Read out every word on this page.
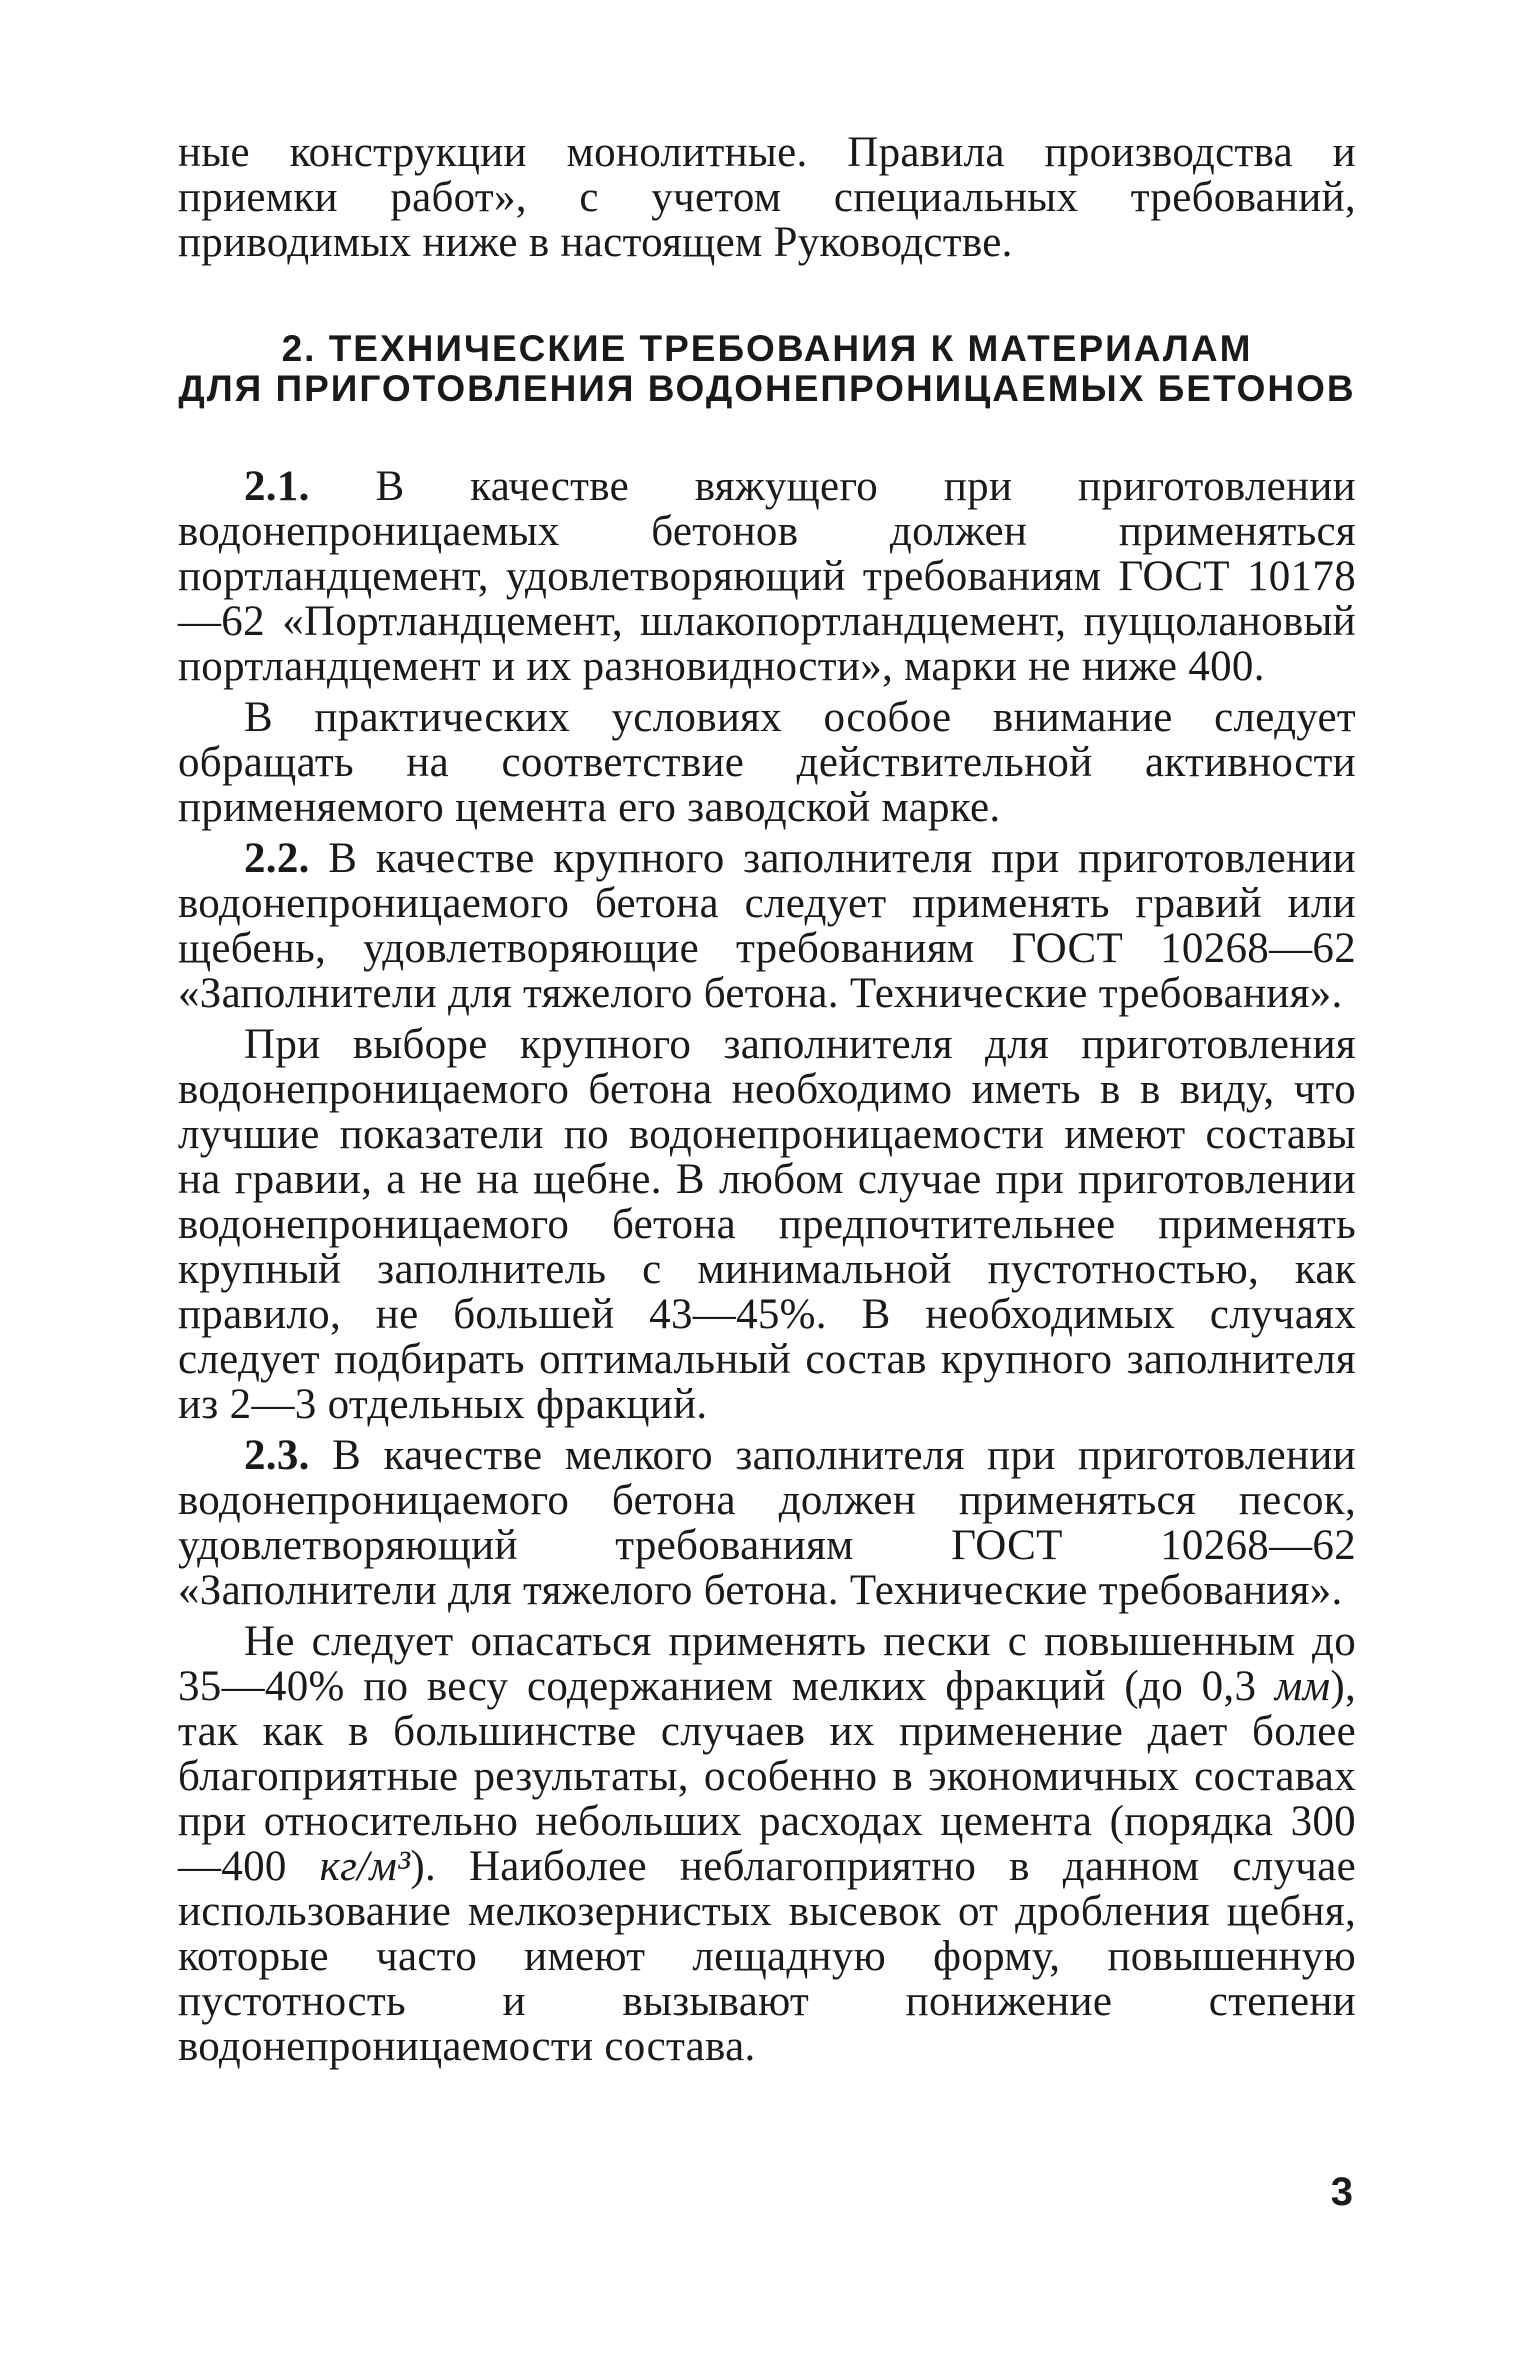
ные конструкции монолитные. Правила производства и приемки работ», с учетом специальных требований, приводимых ниже в настоящем Руководстве.

2. ТЕХНИЧЕСКИЕ ТРЕБОВАНИЯ К МАТЕРИАЛАМ

ДЛЯ ПРИГОТОВЛЕНИЯ ВОДОНЕПРОНИЦАЕМЫХ БЕТОНОВ

2.1. В качестве вяжущего при приготовлении водонепроницаемых бетонов должен применяться портландцемент, удовлетворяющий требованиям ГОСТ 10178—62 «Портландцемент, шлакопортландцемент, пуццолановый портландцемент и их разновидности», марки не ниже 400.

В практических условиях особое внимание следует обращать на соответствие действительной активности применяемого цемента его заводской марке.

2.2. В качестве крупного заполнителя при приготовлении водонепроницаемого бетона следует применять гравий или щебень, удовлетворяющие требованиям ГОСТ 10268—62 «Заполнители для тяжелого бетона. Технические требования».

При выборе крупного заполнителя для приготовления водонепроницаемого бетона необходимо иметь в в виду, что лучшие показатели по водонепроницаемости имеют составы на гравии, а не на щебне. В любом случае при приготовлении водонепроницаемого бетона предпочтительнее применять крупный заполнитель с минимальной пустотностью, как правило, не большей 43—45%. В необходимых случаях следует подбирать оптимальный состав крупного заполнителя из 2—3 отдельных фракций.

2.3. В качестве мелкого заполнителя при приготовлении водонепроницаемого бетона должен применяться песок, удовлетворяющий требованиям ГОСТ 10268—62 «Заполнители для тяжелого бетона. Технические требования».

Не следует опасаться применять пески с повышенным до 35—40% по весу содержанием мелких фракций (до 0,3 мм), так как в большинстве случаев их применение дает более благоприятные результаты, особенно в экономичных составах при относительно небольших расходах цемента (порядка 300—400 кг/м³). Наиболее неблагоприятно в данном случае использование мелкозернистых высевок от дробления щебня, которые часто имеют лещадную форму, повышенную пустотность и вызывают понижение степени водонепроницаемости состава.

3
